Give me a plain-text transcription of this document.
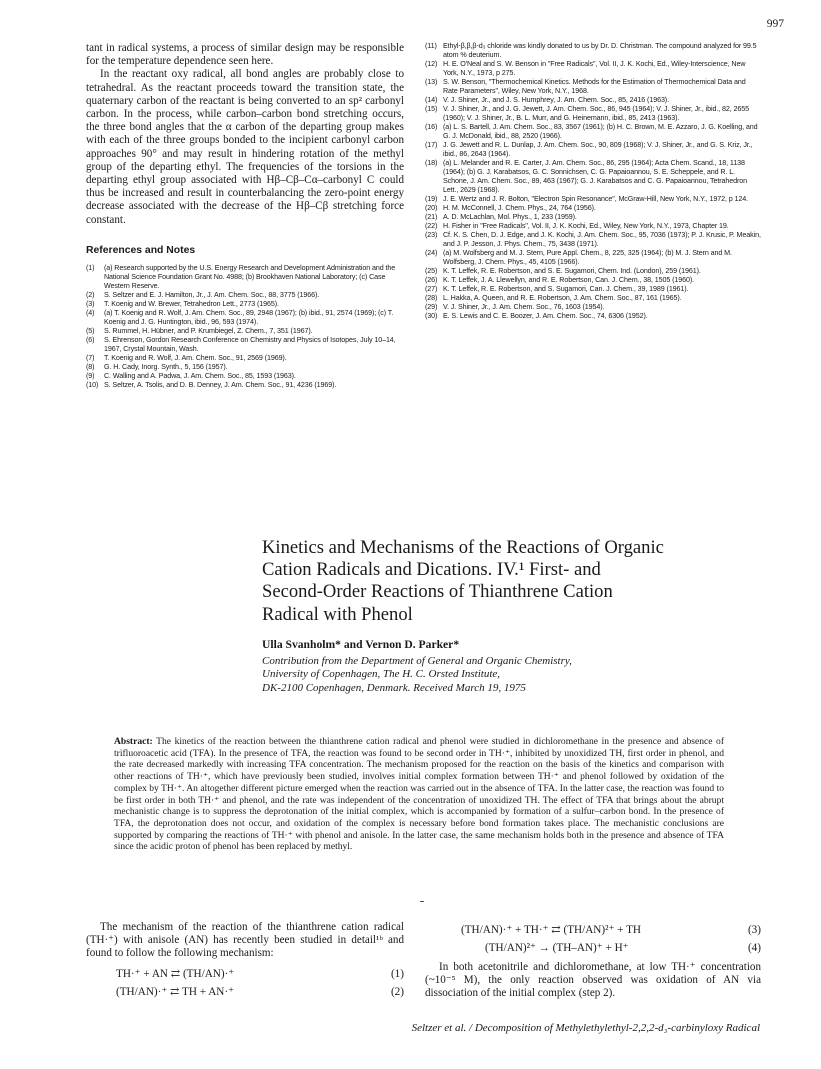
997

tant in radical systems, a process of similar design may be responsible for the temperature dependence seen here.

In the reactant oxy radical, all bond angles are probably close to tetrahedral. As the reactant proceeds toward the transition state, the quaternary carbon of the reactant is being converted to an sp² carbonyl carbon. In the process, while carbon–carbon bond stretching occurs, the three bond angles that the α carbon of the departing group makes with each of the three groups bonded to the incipient carbonyl carbon approaches 90° and may result in hindering rotation of the methyl group of the departing ethyl. The frequencies of the torsions in the departing ethyl group associated with Hβ–Cβ–Cα–carbonyl C could thus be increased and result in counterbalancing the zero-point energy decrease associated with the decrease of the Hβ–Cβ stretching force constant.

References and Notes
(1)	(a) Research supported by the U.S. Energy Research and Development Administration and the National Science Foundation Grant No. 4988; (b) Brookhaven National Laboratory; (c) Case Western Reserve.
(2)	S. Seltzer and E. J. Hamilton, Jr., J. Am. Chem. Soc., 88, 3775 (1966).
(3)	T. Koenig and W. Brewer, Tetrahedron Lett., 2773 (1965).
(4)	(a) T. Koenig and R. Wolf, J. Am. Chem. Soc., 89, 2948 (1967); (b) ibid., 91, 2574 (1969); (c) T. Koenig and J. G. Huntington, ibid., 96, 593 (1974).
(5)	S. Rummel, H. Hübner, and P. Krumbiegel, Z. Chem., 7, 351 (1967).
(6)	S. Ehrenson, Gordon Research Conference on Chemistry and Physics of Isotopes, July 10–14, 1967, Crystal Mountain, Wash.
(7)	T. Koenig and R. Wolf, J. Am. Chem. Soc., 91, 2569 (1969).
(8)	G. H. Cady, Inorg. Synth., 5, 156 (1957).
(9)	C. Walling and A. Padwa, J. Am. Chem. Soc., 85, 1593 (1963).
(10) S. Seltzer, A. Tsolis, and D. B. Denney, J. Am. Chem. Soc., 91, 4236 (1969).
(11) Ethyl-β,β,β-d₃ chloride was kindly donated to us by Dr. D. Christman. The compound analyzed for 99.5 atom % deuterium.
(12) H. E. O'Neal and S. W. Benson in "Free Radicals", Vol. II, J. K. Kochi, Ed., Wiley-Interscience, New York, N.Y., 1973, p 275.
(13) S. W. Benson, "Thermochemical Kinetics. Methods for the Estimation of Thermochemical Data and Rate Parameters", Wiley, New York, N.Y., 1968.
(14) V. J. Shiner, Jr., and J. S. Humphrey, J. Am. Chem. Soc., 85, 2416 (1963).
(15) V. J. Shiner, Jr., and J. G. Jewett, J. Am. Chem. Soc., 86, 945 (1964); V. J. Shiner, Jr., ibid., 82, 2655 (1960); V. J. Shiner, Jr., B. L. Murr, and G. Heinemann, ibid., 85, 2413 (1963).
(16) (a) L. S. Bartell, J. Am. Chem. Soc., 83, 3567 (1961); (b) H. C. Brown, M. E. Azzaro, J. G. Koelling, and G. J. McDonald, ibid., 88, 2520 (1966).
(17) J. G. Jewett and R. L. Dunlap, J. Am. Chem. Soc., 90, 809 (1968); V. J. Shiner, Jr., and G. S. Kriz, Jr., ibid., 86, 2643 (1964).
(18) (a) L. Melander and R. E. Carter, J. Am. Chem. Soc., 86, 295 (1964); Acta Chem. Scand., 18, 1138 (1964); (b) G. J. Karabatsos, G. C. Sonnichsen, C. G. Papaioannou, S. E. Scheppele, and R. L. Schone, J. Am. Chem. Soc., 89, 463 (1967); G. J. Karabatsos and C. G. Papaioannou, Tetrahedron Lett., 2629 (1968).
(19) J. E. Wertz and J. R. Bolton, "Electron Spin Resonance", McGraw-Hill, New York, N.Y., 1972, p 124.
(20) H. M. McConnell, J. Chem. Phys., 24, 764 (1956).
(21) A. D. McLachlan, Mol. Phys., 1, 233 (1959).
(22) H. Fisher in "Free Radicals", Vol. II, J. K. Kochi, Ed., Wiley, New York, N.Y., 1973, Chapter 19.
(23) Cf. K. S. Chen, D. J. Edge, and J. K. Kochi, J. Am. Chem. Soc., 95, 7036 (1973); P. J. Krusic, P. Meakin, and J. P. Jesson, J. Phys. Chem., 75, 3438 (1971).
(24) (a) M. Wolfsberg and M. J. Stern, Pure Appl. Chem., 8, 225, 325 (1964); (b) M. J. Stern and M. Wolfsberg, J. Chem. Phys., 45, 4105 (1966).
(25) K. T. Leffek, R. E. Robertson, and S. E. Sugamori, Chem. Ind. (London), 259 (1961).
(26) K. T. Leffek, J. A. Llewellyn, and R. E. Robertson, Can. J. Chem., 38, 1505 (1960).
(27) K. T. Leffek, R. E. Robertson, and S. Sugamori, Can. J. Chem., 39, 1989 (1961).
(28) L. Hakka, A. Queen, and R. E. Robertson, J. Am. Chem. Soc., 87, 161 (1965).
(29) V. J. Shiner, Jr., J. Am. Chem. Soc., 76, 1603 (1954).
(30) E. S. Lewis and C. E. Boozer, J. Am. Chem. Soc., 74, 6306 (1952).
Kinetics and Mechanisms of the Reactions of Organic
Cation Radicals and Dications. IV.¹ First- and
Second-Order Reactions of Thianthrene Cation
Radical with Phenol
Ulla Svanholm* and Vernon D. Parker*

Contribution from the Department of General and Organic Chemistry,
University of Copenhagen, The H. C. Orsted Institute,
DK-2100 Copenhagen, Denmark. Received March 19, 1975

Abstract: The kinetics of the reaction between the thianthrene cation radical and phenol were studied in dichloromethane in the presence and absence of trifluoroacetic acid (TFA). In the presence of TFA, the reaction was found to be second order in TH·⁺, inhibited by unoxidized TH, first order in phenol, and the rate decreased markedly with increasing TFA concentration. The mechanism proposed for the reaction on the basis of the kinetics and comparison with other reactions of TH·⁺, which have previously been studied, involves initial complex formation between TH·⁺ and phenol followed by oxidation of the complex by TH·⁺. An altogether different picture emerged when the reaction was carried out in the absence of TFA. In the latter case, the reaction was found to be first order in both TH·⁺ and phenol, and the rate was independent of the concentration of unoxidized TH. The effect of TFA that brings about the abrupt mechanistic change is to suppress the deprotonation of the initial complex, which is accompanied by formation of a sulfur–carbon bond. In the presence of TFA, the deprotonation does not occur, and oxidation of the complex is necessary before bond formation takes place. The mechanistic conclusions are supported by comparing the reactions of TH·⁺ with phenol and anisole. In the latter case, the same mechanism holds both in the presence and absence of TFA since the acidic proton of phenol has been replaced by methyl.

The mechanism of the reaction of the thianthrene cation radical (TH·⁺) with anisole (AN) has recently been studied in detail¹ᵇ and found to follow the following mechanism:

TH·⁺ + AN ⇄ (TH/AN)·⁺	(1)
(TH/AN)·⁺ ⇄ TH + AN·⁺	(2)
(TH/AN)·⁺ + TH·⁺ ⇄ (TH/AN)²⁺ + TH	(3)
(TH/AN)²⁺ → (TH–AN)⁺ + H⁺	(4)

In both acetonitrile and dichloromethane, at low TH·⁺ concentration (~10⁻⁵ M), the only reaction observed was oxidation of AN via dissociation of the initial complex (step 2).

Seltzer et al. / Decomposition of Methylethylethyl-2,2,2-d₃-carbinyloxy Radical
